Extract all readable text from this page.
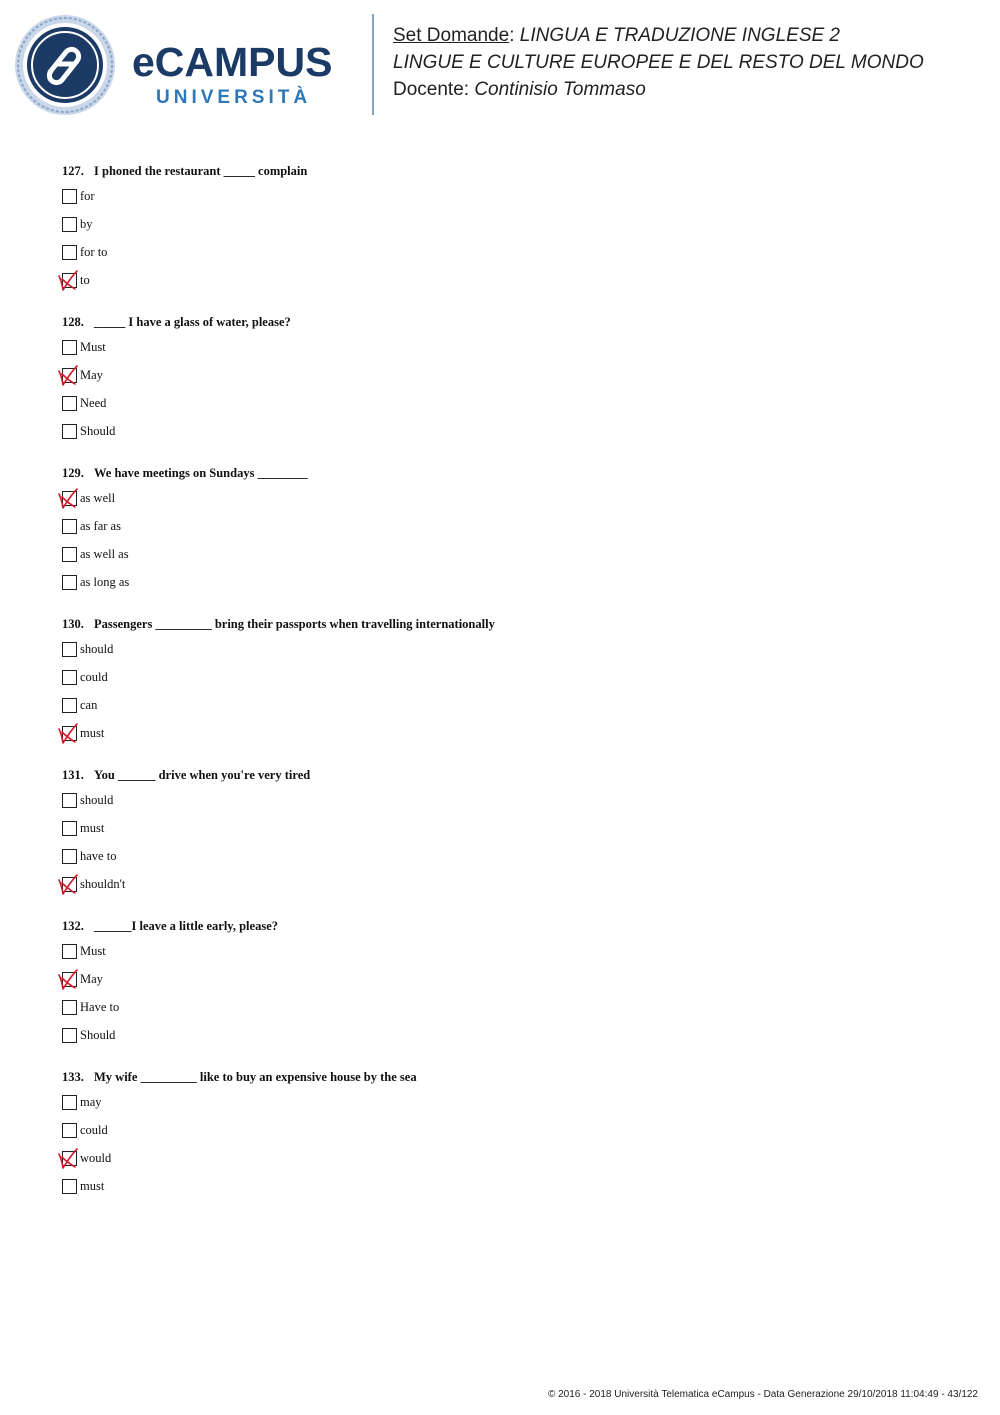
eCAMPUS
UNIVERSITÀ
Set Domande: LINGUA E TRADUZIONE INGLESE 2
LINGUE E CULTURE EUROPEE E DEL RESTO DEL MONDO
Docente: Continisio Tommaso
127. I phoned the restaurant _____ complain
for
by
for to
to
128. _____ I have a glass of water, please?
Must
May
Need
Should
129. We have meetings on Sundays ________
as well
as far as
as well as
as long as
130. Passengers _________ bring their passports when travelling internationally
should
could
can
must
131. You ______ drive when you're very tired
should
must
have to
shouldn't
132. ______I leave a little early, please?
Must
May
Have to
Should
133. My wife _________ like to buy an expensive house by the sea
may
could
would
must
© 2016 - 2018 Università Telematica eCampus - Data Generazione 29/10/2018 11:04:49 - 43/122
